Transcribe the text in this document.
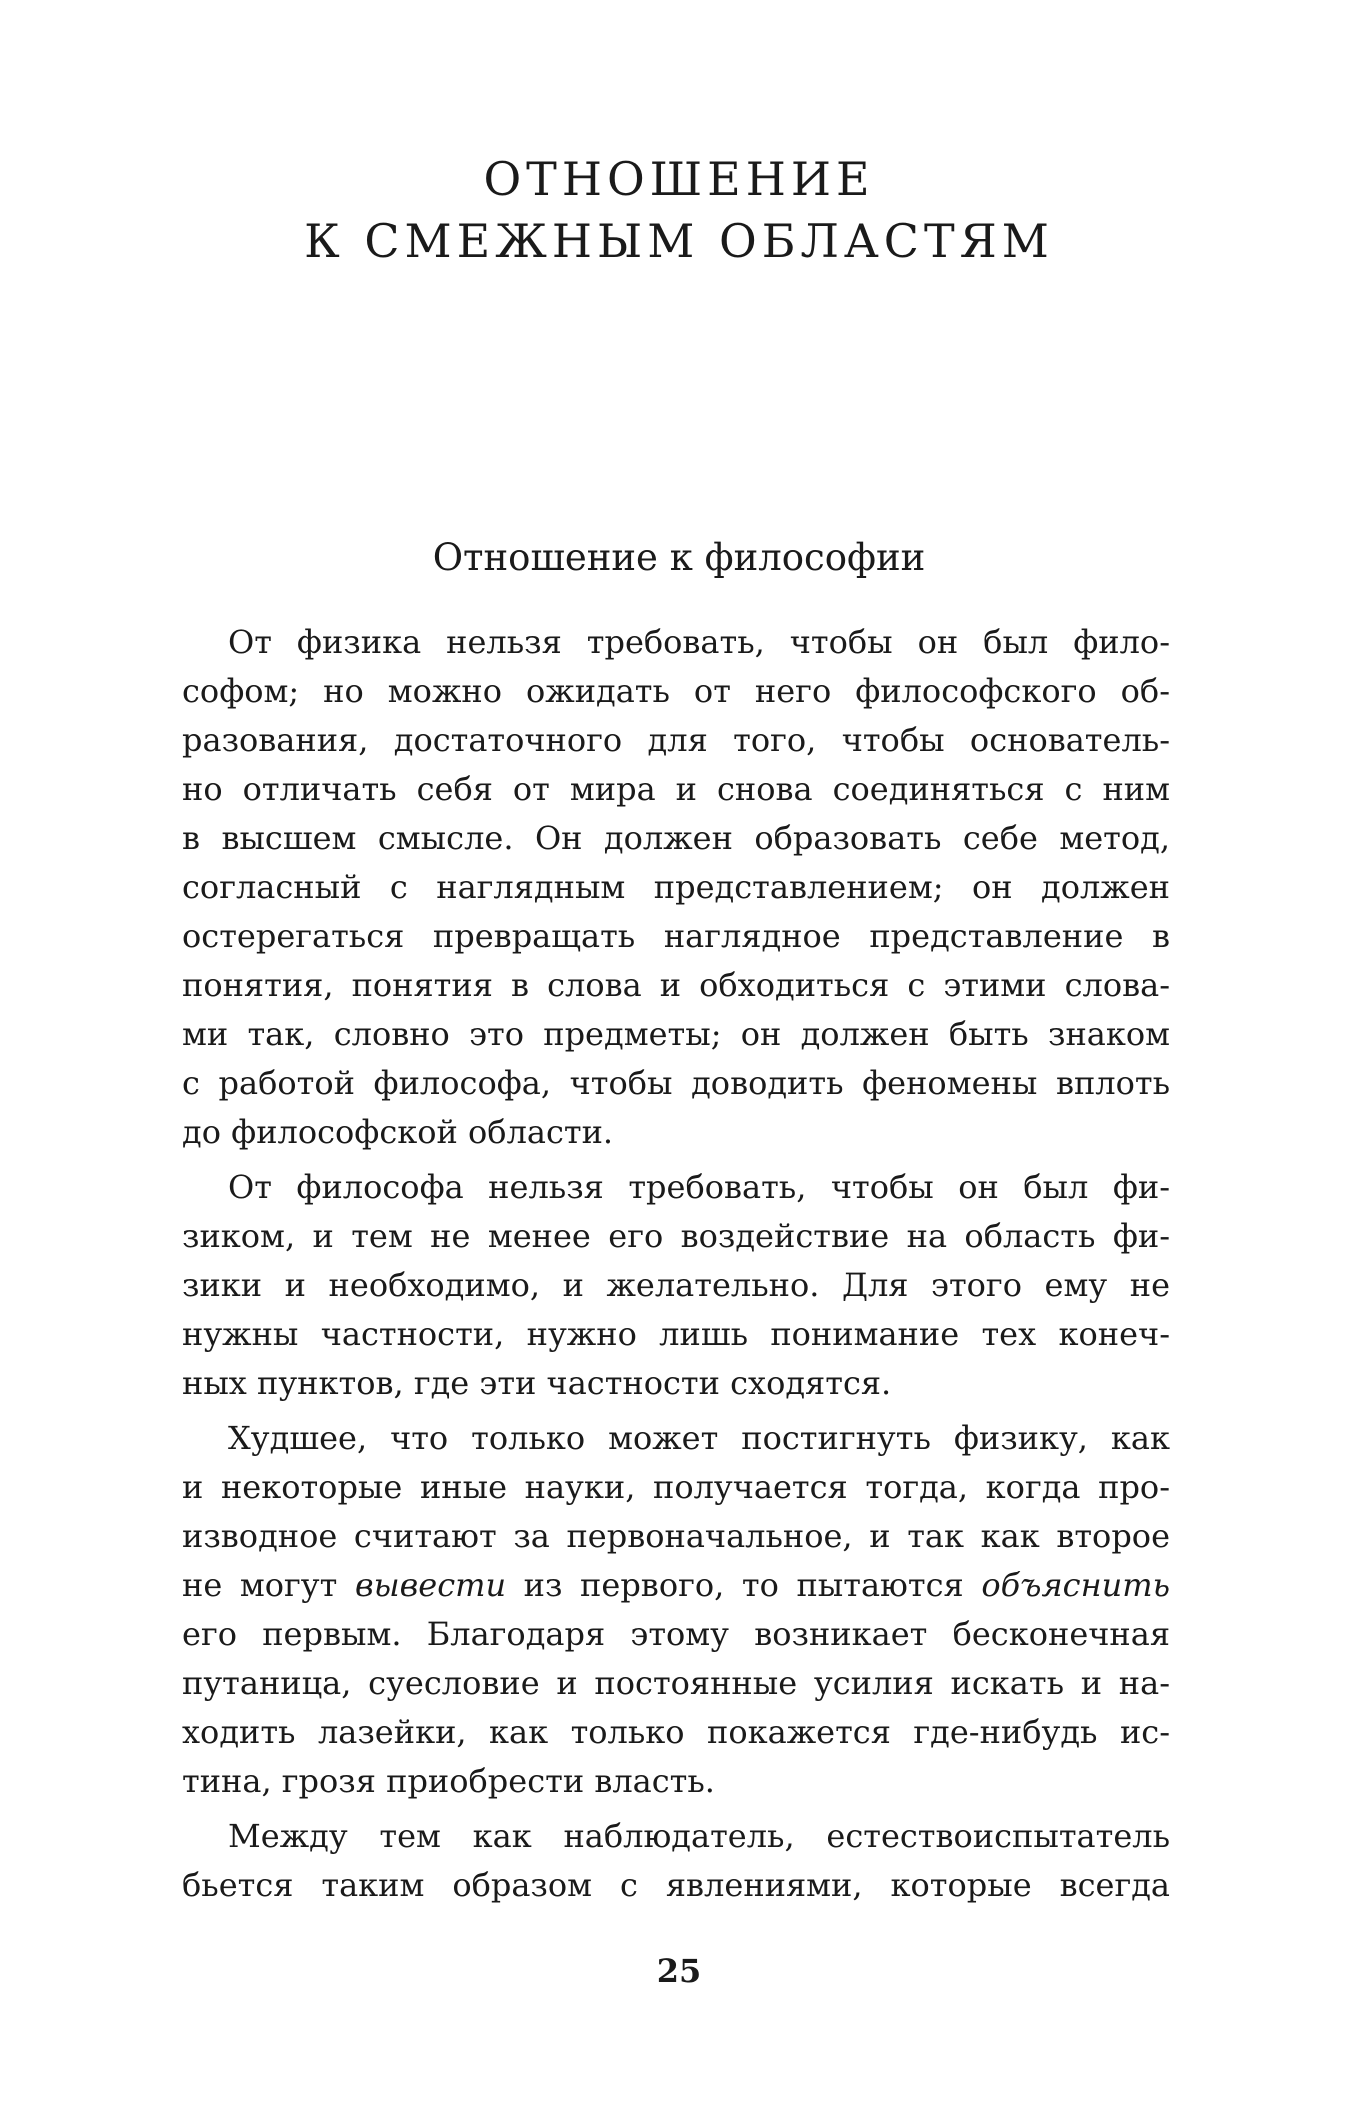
ОТНОШЕНИЕ
К СМЕЖНЫМ ОБЛАСТЯМ
Отношение к философии
От физика нельзя требовать, чтобы он был фило-
софом; но можно ожидать от него философского об-
разования, достаточного для того, чтобы основатель-
но отличать себя от мира и снова соединяться с ним
в высшем смысле. Он должен образовать себе метод,
согласный с наглядным представлением; он должен
остерегаться превращать наглядное представление в
понятия, понятия в слова и обходиться с этими слова-
ми так, словно это предметы; он должен быть знаком
с работой философа, чтобы доводить феномены вплоть
до философской области.
От философа нельзя требовать, чтобы он был фи-
зиком, и тем не менее его воздействие на область фи-
зики и необходимо, и желательно. Для этого ему не
нужны частности, нужно лишь понимание тех конеч-
ных пунктов, где эти частности сходятся.
Худшее, что только может постигнуть физику, как
и некоторые иные науки, получается тогда, когда про-
изводное считают за первоначальное, и так как второе
не могут вывести из первого, то пытаются объяснить
его первым. Благодаря этому возникает бесконечная
путаница, суесловие и постоянные усилия искать и на-
ходить лазейки, как только покажется где-нибудь ис-
тина, грозя приобрести власть.
Между тем как наблюдатель, естествоиспытатель
бьется таким образом с явлениями, которые всегда
25
